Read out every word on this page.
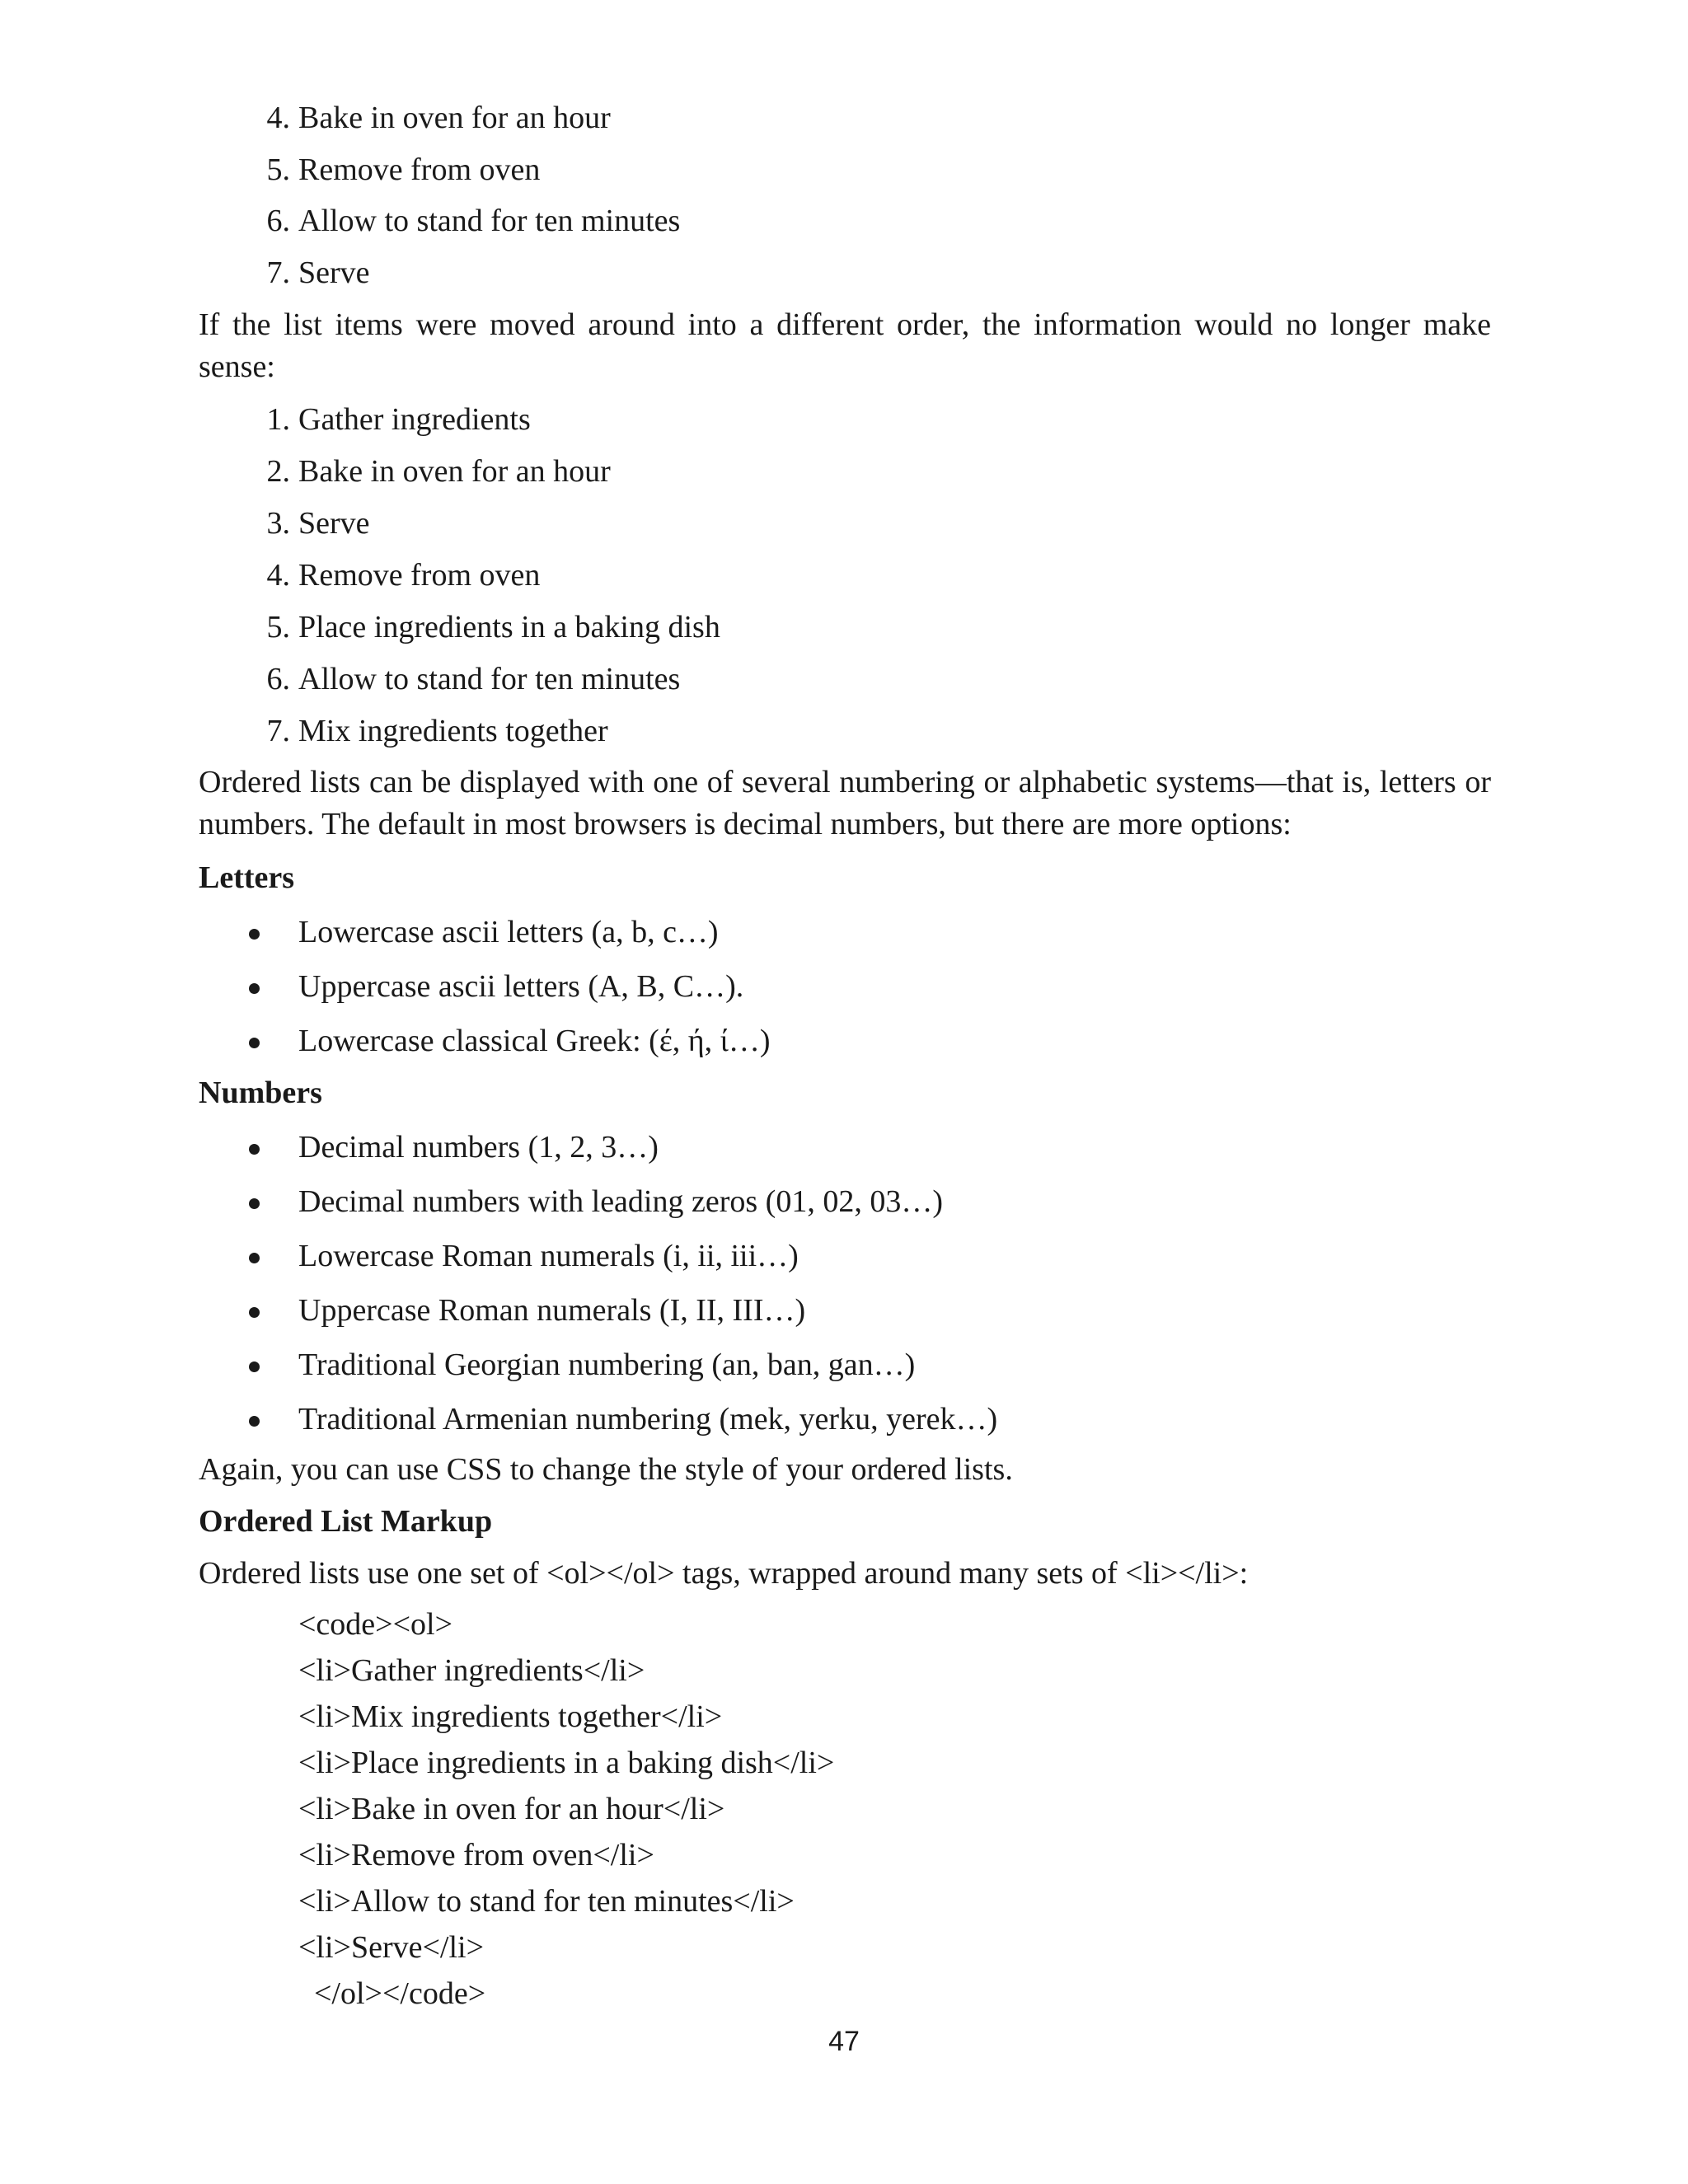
4. Bake in oven for an hour
5. Remove from oven
6. Allow to stand for ten minutes
7. Serve
If the list items were moved around into a different order, the information would no longer make sense:
1. Gather ingredients
2. Bake in oven for an hour
3. Serve
4. Remove from oven
5. Place ingredients in a baking dish
6. Allow to stand for ten minutes
7. Mix ingredients together
Ordered lists can be displayed with one of several numbering or alphabetic systems—that is, letters or numbers. The default in most browsers is decimal numbers, but there are more options:
Letters
Lowercase ascii letters (a, b, c…)
Uppercase ascii letters (A, B, C…).
Lowercase classical Greek: (έ, ή, ί…)
Numbers
Decimal numbers (1, 2, 3…)
Decimal numbers with leading zeros (01, 02, 03…)
Lowercase Roman numerals (i, ii, iii…)
Uppercase Roman numerals (I, II, III…)
Traditional Georgian numbering (an, ban, gan…)
Traditional Armenian numbering (mek, yerku, yerek…)
Again, you can use CSS to change the style of your ordered lists.
Ordered List Markup
Ordered lists use one set of <ol></ol> tags, wrapped around many sets of <li></li>:
<code><ol>
<li>Gather ingredients</li>
<li>Mix ingredients together</li>
<li>Place ingredients in a baking dish</li>
<li>Bake in oven for an hour</li>
<li>Remove from oven</li>
<li>Allow to stand for ten minutes</li>
<li>Serve</li>
</ol></code>
47
